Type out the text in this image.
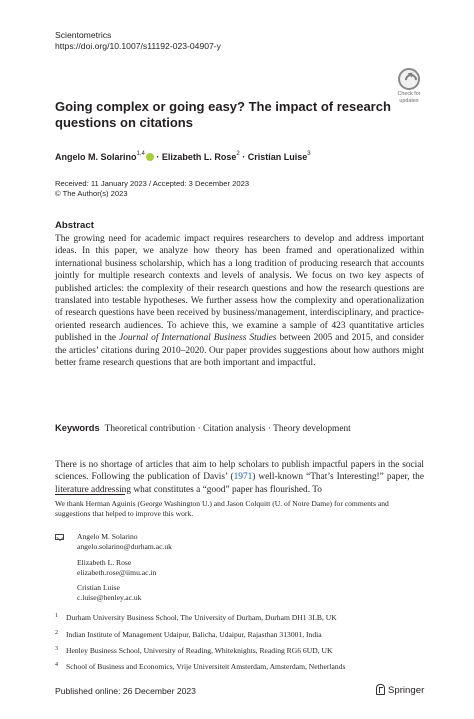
Scientometrics
https://doi.org/10.1007/s11192-023-04907-y
Check for
updates
Going complex or going easy? The impact of research questions on citations
Angelo M. Solarino$^{1,4}$ · Elizabeth L. Rose$^2$ · Cristian Luise$^3$
Received: 11 January 2023 / Accepted: 3 December 2023
© The Author(s) 2023
Abstract
The growing need for academic impact requires researchers to develop and address important ideas. In this paper, we analyze how theory has been framed and operationalized within international business scholarship, which has a long tradition of producing research that accounts jointly for multiple research contexts and levels of analysis. We focus on two key aspects of published articles: the complexity of their research questions and how the research questions are translated into testable hypotheses. We further assess how the complexity and operationalization of research questions have been received by business/management, interdisciplinary, and practice-oriented research audiences. To achieve this, we examine a sample of 423 quantitative articles published in the Journal of International Business Studies between 2005 and 2015, and consider the articles’ citations during 2010–2020. Our paper provides suggestions about how authors might better frame research questions that are both important and impactful.
Keywords Theoretical contribution · Citation analysis · Theory development
There is no shortage of articles that aim to help scholars to publish impactful papers in the social sciences. Following the publication of Davis’ (1971) well-known “That’s Interesting!” paper, the literature addressing what constitutes a “good” paper has flourished. To
We thank Herman Aguinis (George Washington U.) and Jason Colquitt (U. of Notre Dame) for comments and suggestions that helped to improve this work.
Angelo M. Solarino
angelo.solarino@durham.ac.uk
Elizabeth L. Rose
elizabeth.rose@iimu.ac.in
Cristian Luise
c.luise@henley.ac.uk
1 Durham University Business School, The University of Durham, Durham DH1 3LB, UK
2 Indian Institute of Management Udaipur, Balicha, Udaipur, Rajasthan 313001, India
3 Henley Business School, University of Reading, Whiteknights, Reading RG6 6UD, UK
4 School of Business and Economics, Vrije Universiteit Amsterdam, Amsterdam, Netherlands
Published online: 26 December 2023	Springer
